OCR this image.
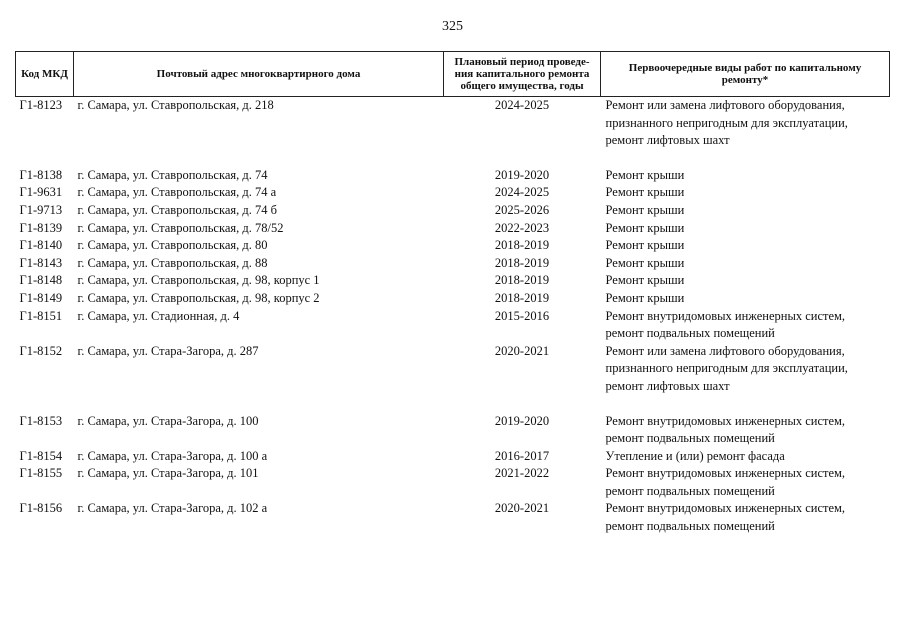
325
Код МКД	Почтовый адрес многоквартирного дома	Плановый период проведе-ния капитального ремонта общего имущества, годы	Первоочередные виды работ по капитальному ремонту*
Г1-8123	г. Самара, ул. Ставропольская, д. 218	2024-2025	Ремонт или замена лифтового оборудования,
признанного непригодным для эксплуатации,
ремонт лифтовых шахт

Г1-8138	г. Самара, ул. Ставропольская, д. 74	2019-2020	Ремонт крыши

Г1-9631	г. Самара, ул. Ставропольская, д. 74 а	2024-2025	Ремонт крыши

Г1-9713	г. Самара, ул. Ставропольская, д. 74 б	2025-2026	Ремонт крыши

Г1-8139	г. Самара, ул. Ставропольская, д. 78/52	2022-2023	Ремонт крыши

Г1-8140	г. Самара, ул. Ставропольская, д. 80	2018-2019	Ремонт крыши

Г1-8143	г. Самара, ул. Ставропольская, д. 88	2018-2019	Ремонт крыши

Г1-8148	г. Самара, ул. Ставропольская, д. 98, корпус 1	2018-2019	Ремонт крыши

Г1-8149	г. Самара, ул. Ставропольская, д. 98, корпус 2	2018-2019	Ремонт крыши

Г1-8151	г. Самара, ул. Стадионная, д. 4	2015-2016	Ремонт внутридомовых инженерных систем,
ремонт подвальных помещений

Г1-8152	г. Самара, ул. Стара-Загора, д. 287	2020-2021	Ремонт или замена лифтового оборудования,
признанного непригодным для эксплуатации,
ремонт лифтовых шахт

Г1-8153	г. Самара, ул. Стара-Загора, д. 100	2019-2020	Ремонт внутридомовых инженерных систем,
ремонт подвальных помещений

Г1-8154	г. Самара, ул. Стара-Загора, д. 100 а	2016-2017	Утепление и (или) ремонт фасада

Г1-8155	г. Самара, ул. Стара-Загора, д. 101	2021-2022	Ремонт внутридомовых инженерных систем,
ремонт подвальных помещений

Г1-8156	г. Самара, ул. Стара-Загора, д. 102 а	2020-2021	Ремонт внутридомовых инженерных систем,
ремонт подвальных помещений
